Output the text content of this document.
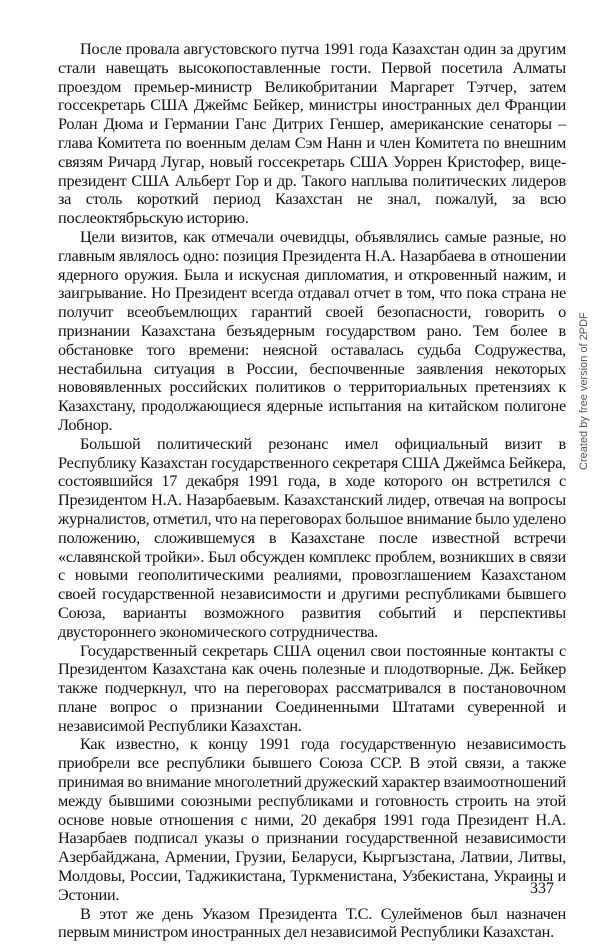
После провала августовского путча 1991 года Казахстан один за другим стали навещать высокопоставленные гости. Первой посетила Алматы проездом премьер-министр Великобритании Маргарет Тэтчер, затем госсекретарь США Джеймс Бейкер, министры иностранных дел Франции Ролан Дюма и Германии Ганс Дитрих Геншер, американские сенаторы – глава Комитета по военным делам Сэм Нанн и член Комитета по внешним связям Ричард Лугар, новый госсекретарь США Уоррен Кристофер, вице-президент США Альберт Гор и др. Такого наплыва политических лидеров за столь короткий период Казахстан не знал, пожалуй, за всю послеоктябрьскую историю.

Цели визитов, как отмечали очевидцы, объявлялись самые разные, но главным являлось одно: позиция Президента Н.А. Назарбаева в отношении ядерного оружия. Была и искусная дипломатия, и откровенный нажим, и заигрывание. Но Президент всегда отдавал отчет в том, что пока страна не получит всеобъемлющих гарантий своей безопасности, говорить о признании Казахстана безъядерным государством рано. Тем более в обстановке того времени: неясной оставалась судьба Содружества, нестабильна ситуация в России, беспочвенные заявления некоторых нововявленных российских политиков о территориальных претензиях к Казахстану, продолжающиеся ядерные испытания на китайском полигоне Лобнор.

Большой политический резонанс имел официальный визит в Республику Казахстан государственного секретаря США Джеймса Бейкера, состоявшийся 17 декабря 1991 года, в ходе которого он встретился с Президентом Н.А. Назарбаевым. Казахстанский лидер, отвечая на вопросы журналистов, отметил, что на переговорах большое внимание было уделено положению, сложившемуся в Казахстане после известной встречи «славянской тройки». Был обсужден комплекс проблем, возникших в связи с новыми геополитическими реалиями, провозглашением Казахстаном своей государственной независимости и другими республиками бывшего Союза, варианты возможного развития событий и перспективы двустороннего экономического сотрудничества.

Государственный секретарь США оценил свои постоянные контакты с Президентом Казахстана как очень полезные и плодотворные. Дж. Бейкер также подчеркнул, что на переговорах рассматривался в постановочном плане вопрос о признании Соединенными Штатами суверенной и независимой Республики Казахстан.

Как известно, к концу 1991 года государственную независимость приобрели все республики бывшего Союза ССР. В этой связи, а также принимая во внимание многолетний дружеский характер взаимоотношений между бывшими союзными республиками и готовность строить на этой основе новые отношения с ними, 20 декабря 1991 года Президент Н.А. Назарбаев подписал указы о признании государственной независимости Азербайджана, Армении, Грузии, Беларуси, Кыргызстана, Латвии, Литвы, Молдовы, России, Таджикистана, Туркменистана, Узбекистана, Украины и Эстонии.

В этот же день Указом Президента Т.С. Сулейменов был назначен первым министром иностранных дел независимой Республики Казахстан.

337
Created by free version of 2PDF
